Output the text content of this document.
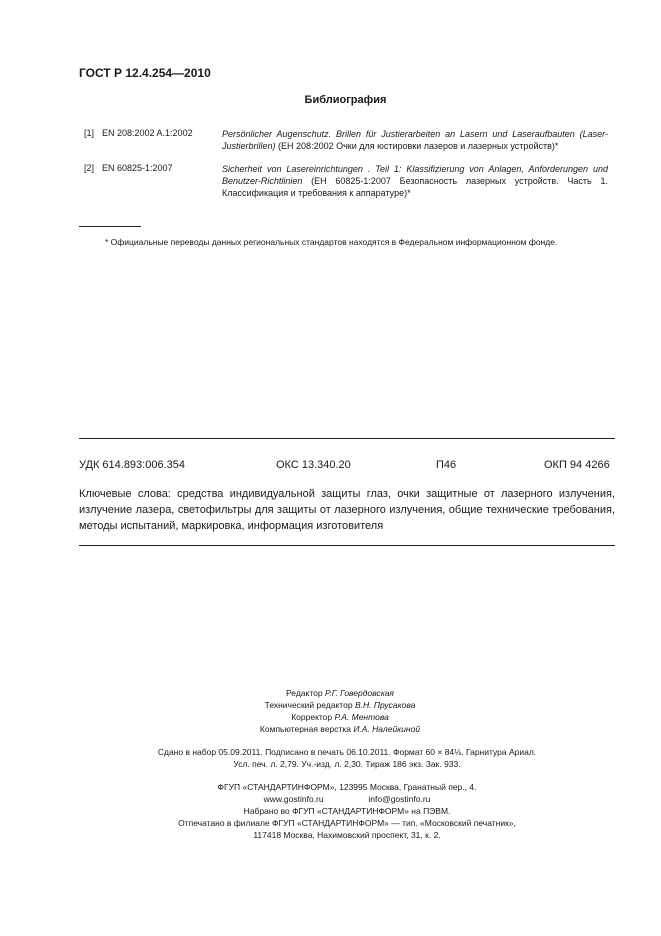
ГОСТ Р 12.4.254—2010
Библиография
[1] EN 208:2002 A.1:2002	Persönlicher Augenschutz. Brillen für Justierarbeiten an Lasern und Laseraufbauten (Laser-Justierbrillen) (ЕН 208:2002 Очки для юстировки лазеров и лазерных устройств)*
[2] EN 60825-1:2007	Sicherheit von Lasereinrichtungen . Teil 1: Klassifizierung von Anlagen, Anforderungen und Benutzer-Richtlinien (ЕН 60825-1:2007 Безопасность лазерных устройств. Часть 1. Классификация и требования к аппаратуре)*
* Официальные переводы данных региональных стандартов находятся в Федеральном информационном фонде.
УДК 614.893:006.354	ОКС 13.340.20	П46	ОКП 94 4266
Ключевые слова: средства индивидуальной защиты глаз, очки защитные от лазерного излучения, излучение лазера, светофильтры для защиты от лазерного излучения, общие технические требования, методы испытаний, маркировка, информация изготовителя
Редактор Р.Г. Говердовская
Технический редактор В.Н. Прусакова
Корректор Р.А. Ментова
Компьютерная верстка И.А. Налейкиной
Сдано в набор 05.09.2011. Подписано в печать 06.10.2011. Формат 60 × 84⅛. Гарнитура Ариал.
Усл. печ. л. 2,79. Уч.-изд. л. 2,30. Тираж 186 экз. Зак. 933.
ФГУП «СТАНДАРТИНФОРМ», 123995 Москва, Гранатный пер., 4.
www.gostinfo.ru	info@gostinfo.ru
Набрано во ФГУП «СТАНДАРТИНФОРМ» на ПЭВМ.
Отпечатано в филиале ФГУП «СТАНДАРТИНФОРМ» — тип. «Московский печатник»,
117418 Москва, Нахимовский проспект, 31, к. 2.
